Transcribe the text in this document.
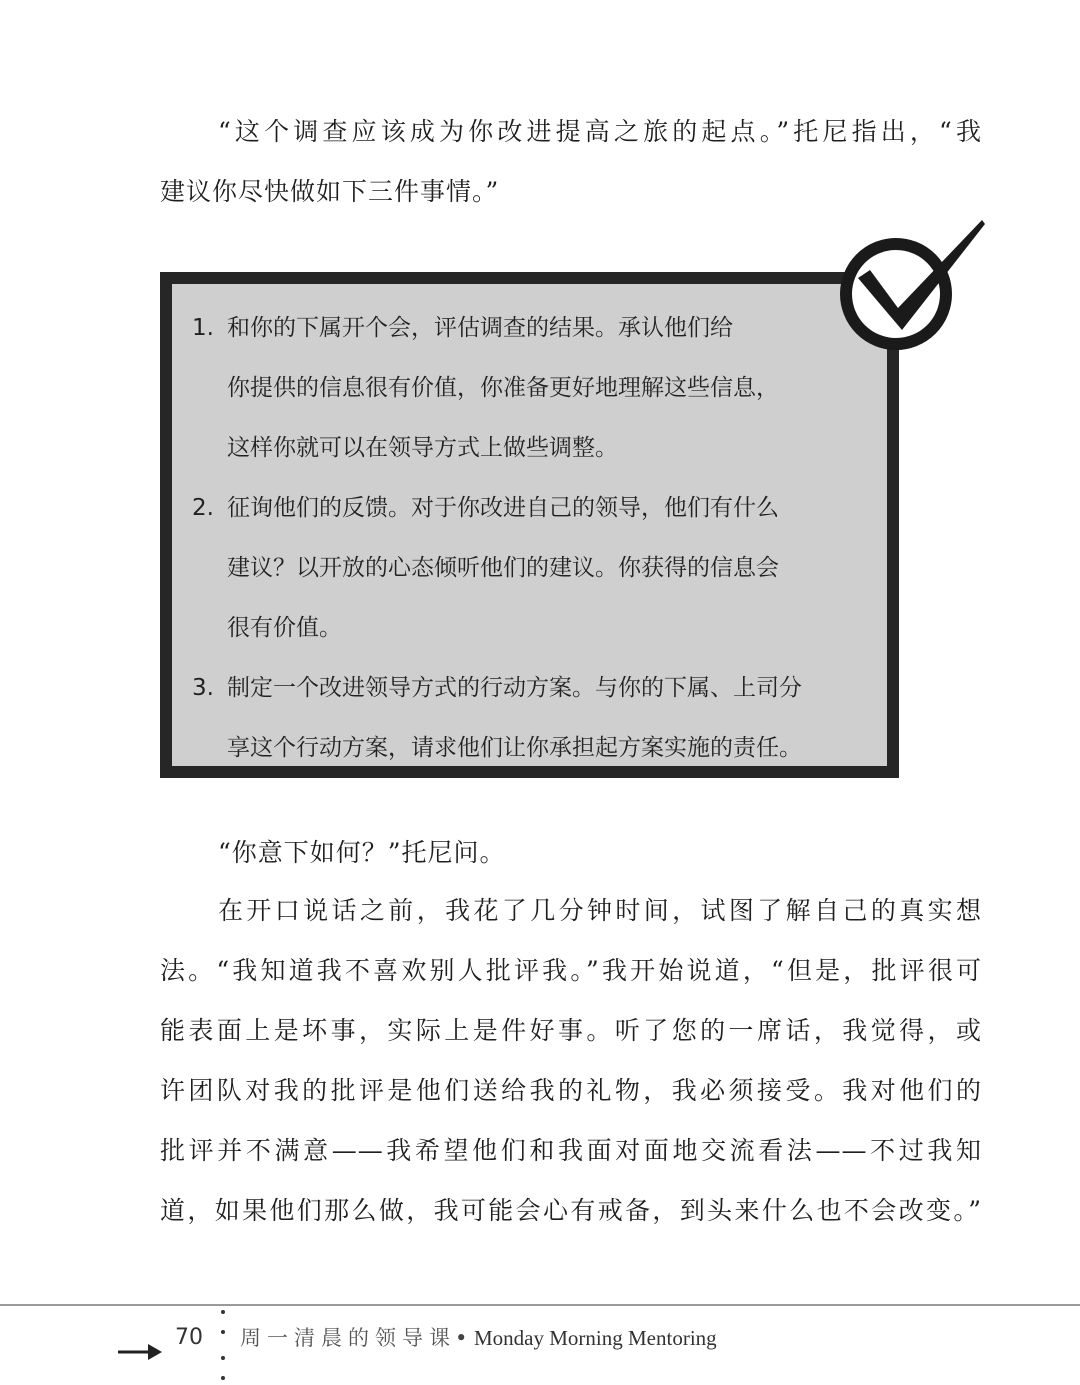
“这个调查应该成为你改进提高之旅的起点。”托尼指出，“我
建议你尽快做如下三件事情。”
1. 和你的下属开个会，评估调查的结果。承认他们给
你提供的信息很有价值，你准备更好地理解这些信息，
这样你就可以在领导方式上做些调整。
2. 征询他们的反馈。对于你改进自己的领导，他们有什么
建议？以开放的心态倾听他们的建议。你获得的信息会
很有价值。
3. 制定一个改进领导方式的行动方案。与你的下属、上司分
享这个行动方案，请求他们让你承担起方案实施的责任。
“你意下如何？”托尼问。
在开口说话之前，我花了几分钟时间，试图了解自己的真实想
法。“我知道我不喜欢别人批评我。”我开始说道，“但是，批评很可
能表面上是坏事，实际上是件好事。听了您的一席话，我觉得，或
许团队对我的批评是他们送给我的礼物，我必须接受。我对他们的
批评并不满意——我希望他们和我面对面地交流看法——不过我知
道，如果他们那么做，我可能会心有戒备，到头来什么也不会改变。”
70 周一清晨的领导课 • Monday Morning Mentoring
